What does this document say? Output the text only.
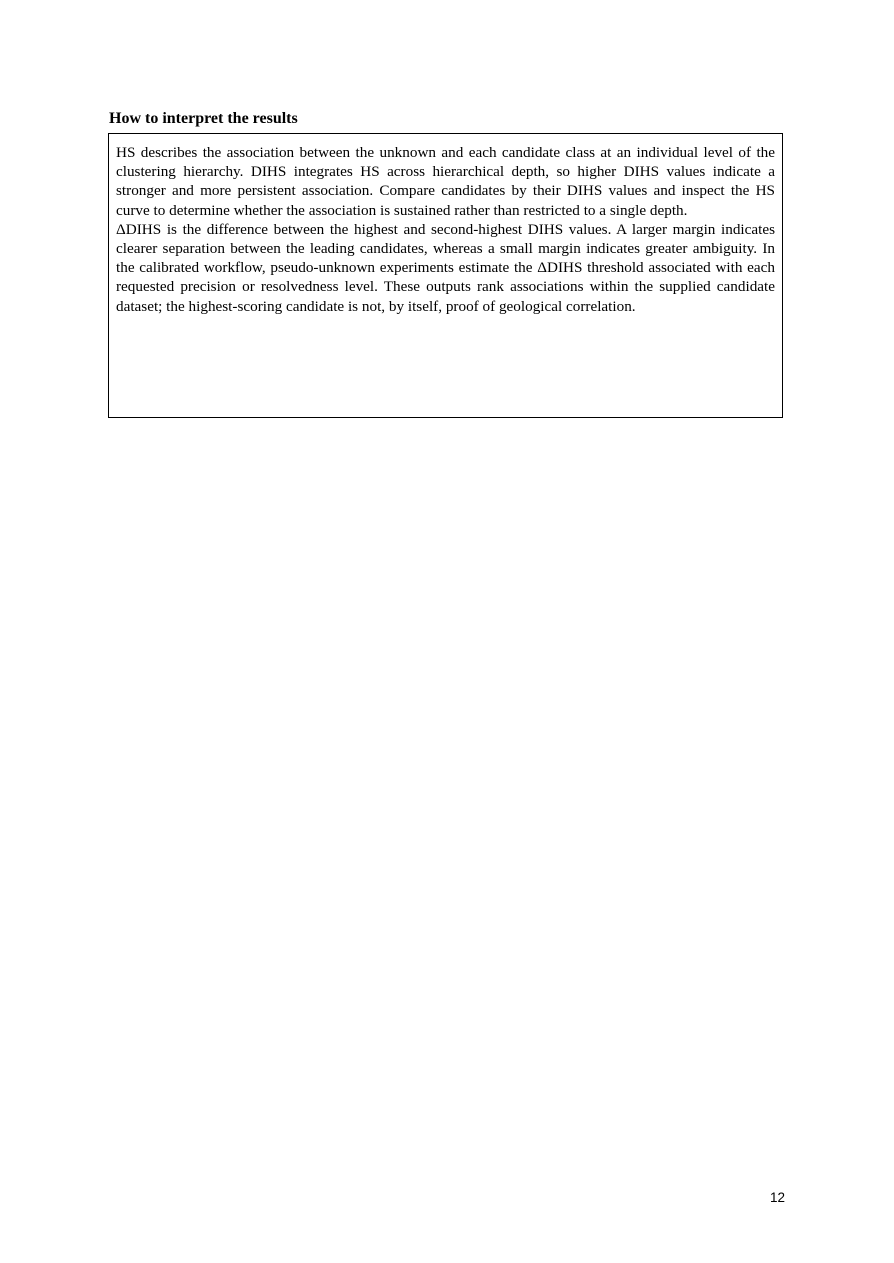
How to interpret the results

HS describes the association between the unknown and each candidate class at an individual level of the clustering hierarchy. DIHS integrates HS across hierarchical depth, so higher DIHS values indicate a stronger and more persistent association. Compare candidates by their DIHS values and inspect the HS curve to determine whether the association is sustained rather than restricted to a single depth.

ΔDIHS is the difference between the highest and second-highest DIHS values. A larger margin indicates clearer separation between the leading candidates, whereas a small margin indicates greater ambiguity. In the calibrated workflow, pseudo-unknown experiments estimate the ΔDIHS threshold associated with each requested precision or resolvedness level. These outputs rank associations within the supplied candidate dataset; the highest-scoring candidate is not, by itself, proof of geological correlation.

12
